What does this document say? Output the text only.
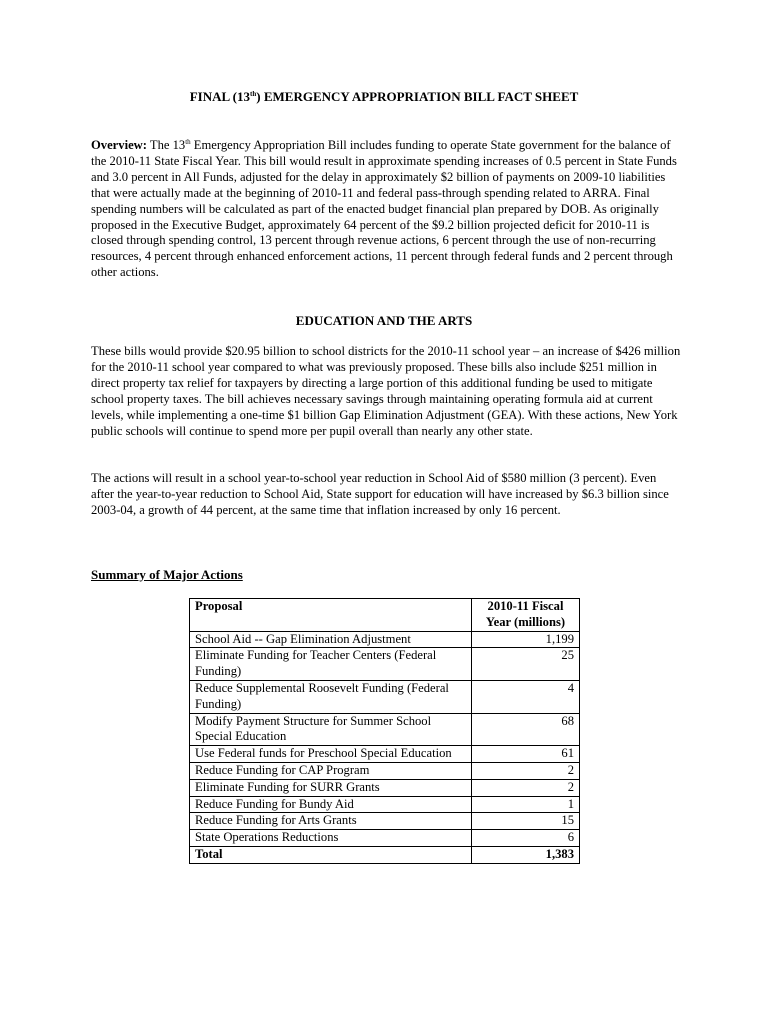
FINAL (13th) EMERGENCY APPROPRIATION BILL FACT SHEET
Overview: The 13th Emergency Appropriation Bill includes funding to operate State government for the balance of the 2010-11 State Fiscal Year. This bill would result in approximate spending increases of 0.5 percent in State Funds and 3.0 percent in All Funds, adjusted for the delay in approximately $2 billion of payments on 2009-10 liabilities that were actually made at the beginning of 2010-11 and federal pass-through spending related to ARRA. Final spending numbers will be calculated as part of the enacted budget financial plan prepared by DOB. As originally proposed in the Executive Budget, approximately 64 percent of the $9.2 billion projected deficit for 2010-11 is closed through spending control, 13 percent through revenue actions, 6 percent through the use of non-recurring resources, 4 percent through enhanced enforcement actions, 11 percent through federal funds and 2 percent through other actions.
EDUCATION AND THE ARTS
These bills would provide $20.95 billion to school districts for the 2010-11 school year – an increase of $426 million for the 2010-11 school year compared to what was previously proposed. These bills also include $251 million in direct property tax relief for taxpayers by directing a large portion of this additional funding be used to mitigate school property taxes. The bill achieves necessary savings through maintaining operating formula aid at current levels, while implementing a one-time $1 billion Gap Elimination Adjustment (GEA). With these actions, New York public schools will continue to spend more per pupil overall than nearly any other state.
The actions will result in a school year-to-school year reduction in School Aid of $580 million (3 percent). Even after the year-to-year reduction to School Aid, State support for education will have increased by $6.3 billion since 2003-04, a growth of 44 percent, at the same time that inflation increased by only 16 percent.
Summary of Major Actions
Proposal	2010-11 Fiscal Year (millions)
School Aid -- Gap Elimination Adjustment	1,199
Eliminate Funding for Teacher Centers (Federal Funding)	25
Reduce Supplemental Roosevelt Funding (Federal Funding)	4
Modify Payment Structure for Summer School Special Education	68
Use Federal funds for Preschool Special Education	61
Reduce Funding for CAP Program	2
Eliminate Funding for SURR Grants	2
Reduce Funding for Bundy Aid	1
Reduce Funding for Arts Grants	15
State Operations Reductions	6
Total	1,383
